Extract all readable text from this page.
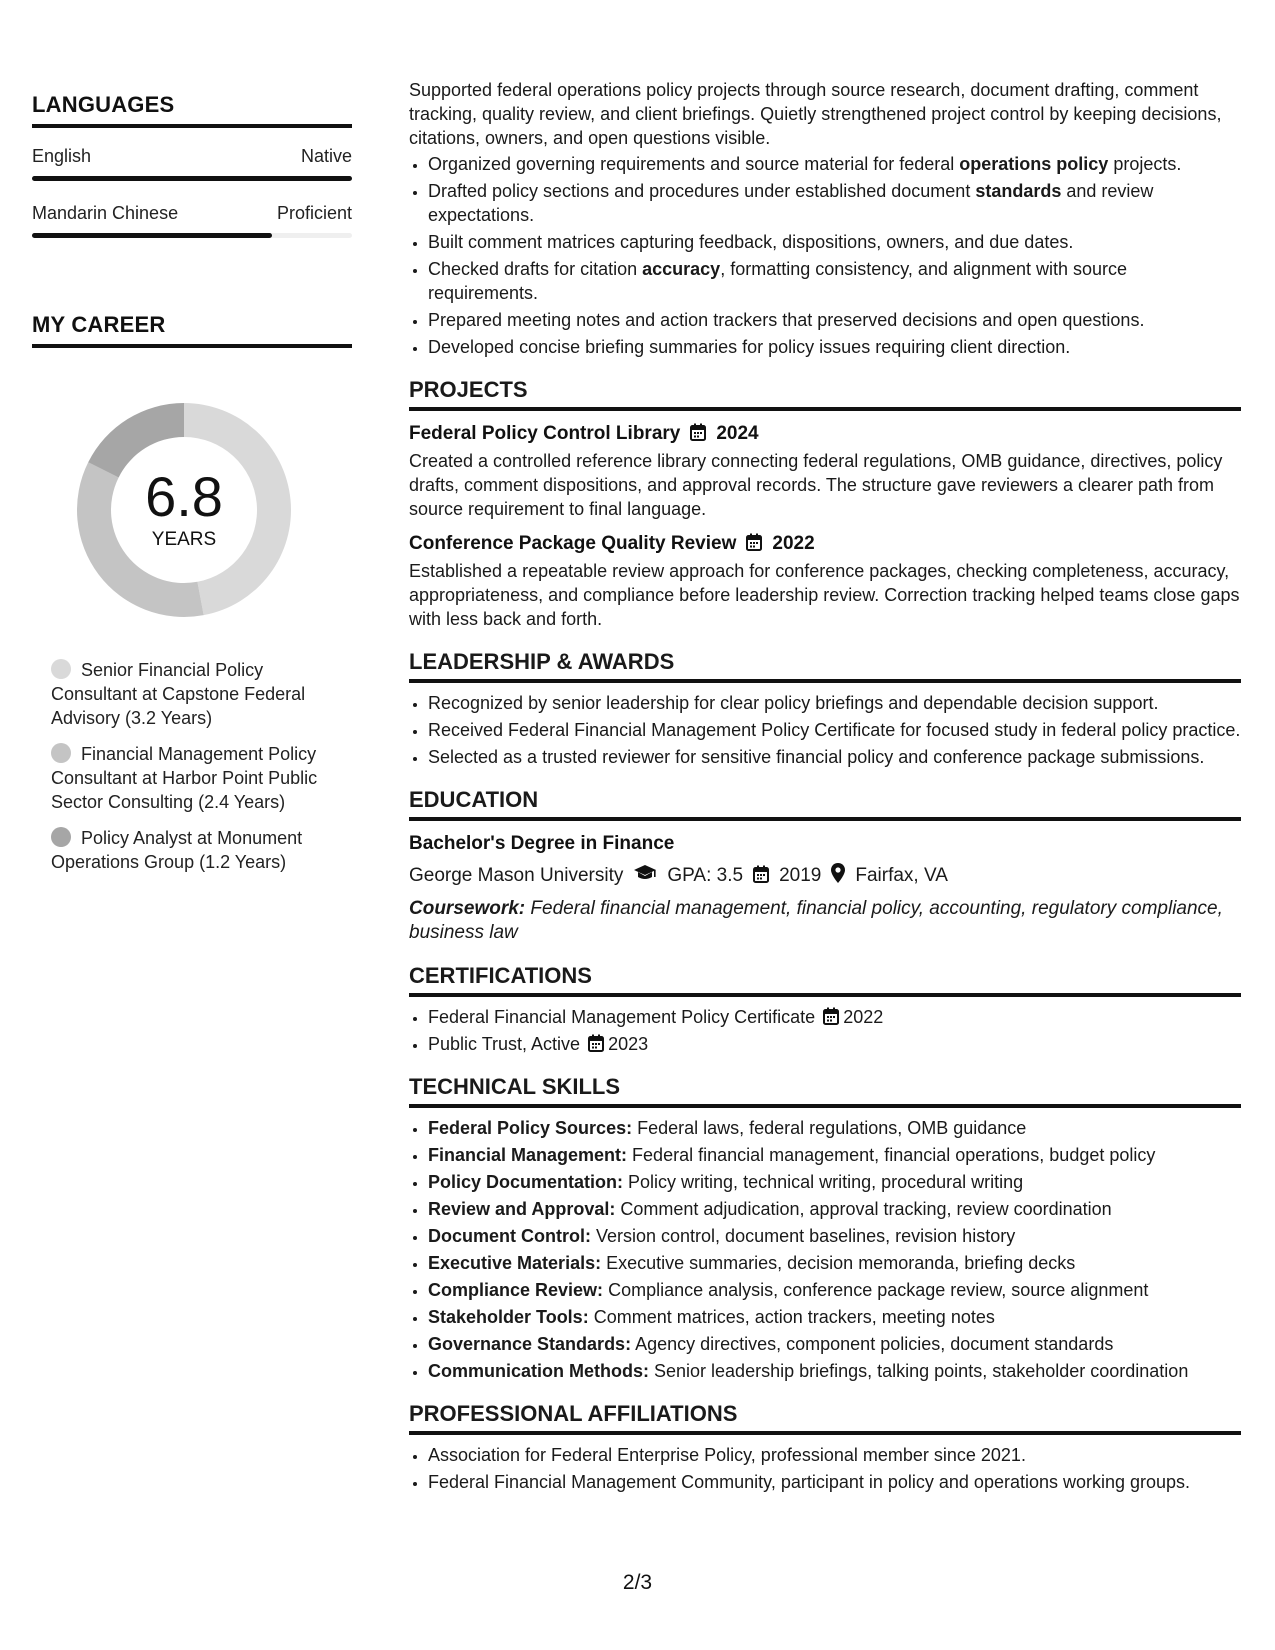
LANGUAGES
English	Native
Mandarin Chinese	Proficient
MY CAREER
6.8
YEARS
Senior Financial Policy Consultant at Capstone Federal Advisory (3.2 Years)
Financial Management Policy Consultant at Harbor Point Public Sector Consulting (2.4 Years)
Policy Analyst at Monument Operations Group (1.2 Years)

Supported federal operations policy projects through source research, document drafting, comment tracking, quality review, and client briefings. Quietly strengthened project control by keeping decisions, citations, owners, and open questions visible.

• Organized governing requirements and source material for federal operations policy projects.
• Drafted policy sections and procedures under established document standards and review expectations.
• Built comment matrices capturing feedback, dispositions, owners, and due dates.
• Checked drafts for citation accuracy, formatting consistency, and alignment with source requirements.
• Prepared meeting notes and action trackers that preserved decisions and open questions.
• Developed concise briefing summaries for policy issues requiring client direction.
PROJECTS
Federal Policy Control Library 2024
Created a controlled reference library connecting federal regulations, OMB guidance, directives, policy drafts, comment dispositions, and approval records. The structure gave reviewers a clearer path from source requirement to final language.
Conference Package Quality Review 2022
Established a repeatable review approach for conference packages, checking completeness, accuracy, appropriateness, and compliance before leadership review. Correction tracking helped teams close gaps with less back and forth.
LEADERSHIP & AWARDS
• Recognized by senior leadership for clear policy briefings and dependable decision support.
• Received Federal Financial Management Policy Certificate for focused study in federal policy practice.
• Selected as a trusted reviewer for sensitive financial policy and conference package submissions.
EDUCATION
Bachelor's Degree in Finance
George Mason University GPA: 3.5 2019 Fairfax, VA
Coursework: Federal financial management, financial policy, accounting, regulatory compliance, business law
CERTIFICATIONS
• Federal Financial Management Policy Certificate 2022
• Public Trust, Active 2023
TECHNICAL SKILLS
• Federal Policy Sources: Federal laws, federal regulations, OMB guidance
• Financial Management: Federal financial management, financial operations, budget policy
• Policy Documentation: Policy writing, technical writing, procedural writing
• Review and Approval: Comment adjudication, approval tracking, review coordination
• Document Control: Version control, document baselines, revision history
• Executive Materials: Executive summaries, decision memoranda, briefing decks
• Compliance Review: Compliance analysis, conference package review, source alignment
• Stakeholder Tools: Comment matrices, action trackers, meeting notes
• Governance Standards: Agency directives, component policies, document standards
• Communication Methods: Senior leadership briefings, talking points, stakeholder coordination
PROFESSIONAL AFFILIATIONS
• Association for Federal Enterprise Policy, professional member since 2021.
• Federal Financial Management Community, participant in policy and operations working groups.
2/3
